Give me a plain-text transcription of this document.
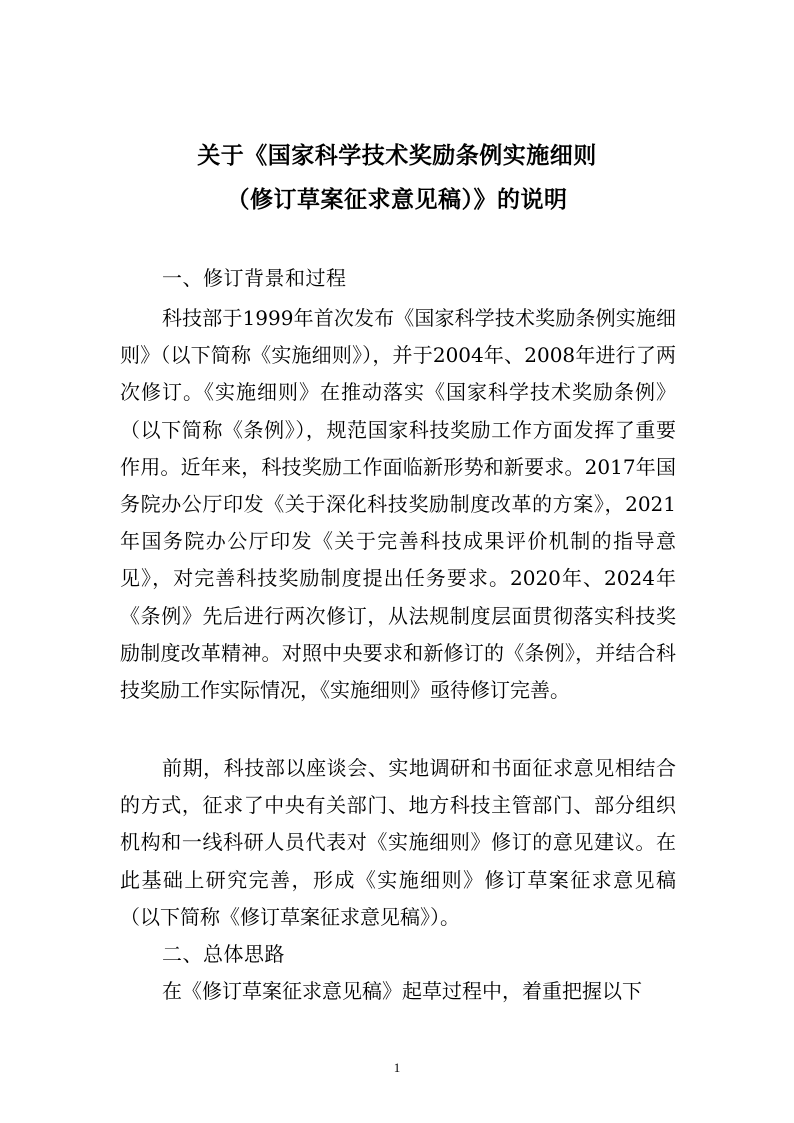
关于《国家科学技术奖励条例实施细则
（修订草案征求意见稿）》的说明
一、修订背景和过程

科技部于1999年首次发布《国家科学技术奖励条例实施细则》（以下简称《实施细则》），并于2004年、2008年进行了两次修订。《实施细则》在推动落实《国家科学技术奖励条例》（以下简称《条例》），规范国家科技奖励工作方面发挥了重要作用。近年来，科技奖励工作面临新形势和新要求。2017年国务院办公厅印发《关于深化科技奖励制度改革的方案》，2021年国务院办公厅印发《关于完善科技成果评价机制的指导意见》，对完善科技奖励制度提出任务要求。2020年、2024年《条例》先后进行两次修订，从法规制度层面贯彻落实科技奖励制度改革精神。对照中央要求和新修订的《条例》，并结合科技奖励工作实际情况，《实施细则》亟待修订完善。

前期，科技部以座谈会、实地调研和书面征求意见相结合的方式，征求了中央有关部门、地方科技主管部门、部分组织机构和一线科研人员代表对《实施细则》修订的意见建议。在此基础上研究完善，形成《实施细则》修订草案征求意见稿（以下简称《修订草案征求意见稿》）。

二、总体思路

在《修订草案征求意见稿》起草过程中，着重把握以下

1
